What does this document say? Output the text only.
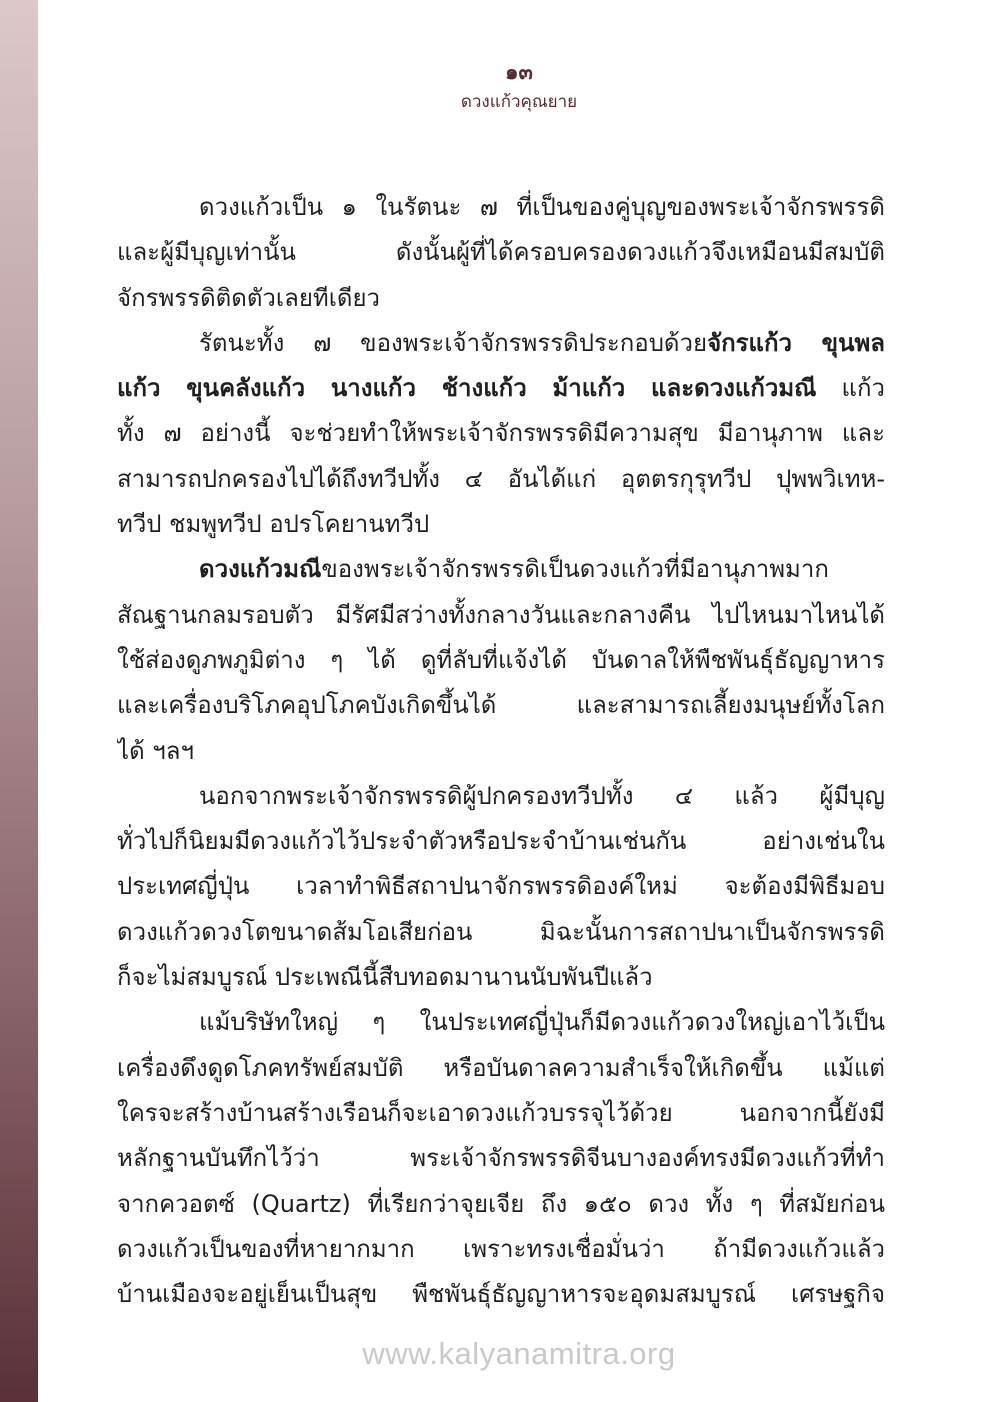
๑๓
ดวงแก้วคุณยาย
ดวงแก้วเป็น ๑ ในรัตนะ ๗ ที่เป็นของคู่บุญของพระเจ้าจักรพรรดิ
และผู้มีบุญเท่านั้น ดังนั้นผู้ที่ได้ครอบครองดวงแก้วจึงเหมือนมีสมบัติ
จักรพรรดิติดตัวเลยทีเดียว
รัตนะทั้ง ๗ ของพระเจ้าจักรพรรดิประกอบด้วยจักรแก้ว ขุนพล
แก้ว ขุนคลังแก้ว นางแก้ว ช้างแก้ว ม้าแก้ว และดวงแก้วมณี แก้ว
ทั้ง ๗ อย่างนี้ จะช่วยทำให้พระเจ้าจักรพรรดิมีความสุข มีอานุภาพ และ
สามารถปกครองไปได้ถึงทวีปทั้ง ๔ อันได้แก่ อุตตรกุรุทวีป ปุพพวิเทห-
ทวีป ชมพูทวีป อปรโคยานทวีป
ดวงแก้วมณีของพระเจ้าจักรพรรดิเป็นดวงแก้วที่มีอานุภาพมาก
สัณฐานกลมรอบตัว มีรัศมีสว่างทั้งกลางวันและกลางคืน ไปไหนมาไหนได้
ใช้ส่องดูภพภูมิต่าง ๆ ได้ ดูที่ลับที่แจ้งได้ บันดาลให้พืชพันธุ์ธัญญาหาร
และเครื่องบริโภคอุปโภคบังเกิดขึ้นได้ และสามารถเลี้ยงมนุษย์ทั้งโลก
ได้ ฯลฯ
นอกจากพระเจ้าจักรพรรดิผู้ปกครองทวีปทั้ง ๔ แล้ว ผู้มีบุญ
ทั่วไปก็นิยมมีดวงแก้วไว้ประจำตัวหรือประจำบ้านเช่นกัน อย่างเช่นใน
ประเทศญี่ปุ่น เวลาทำพิธีสถาปนาจักรพรรดิองค์ใหม่ จะต้องมีพิธีมอบ
ดวงแก้วดวงโตขนาดส้มโอเสียก่อน มิฉะนั้นการสถาปนาเป็นจักรพรรดิ
ก็จะไม่สมบูรณ์ ประเพณีนี้สืบทอดมานานนับพันปีแล้ว
แม้บริษัทใหญ่ ๆ ในประเทศญี่ปุ่นก็มีดวงแก้วดวงใหญ่เอาไว้เป็น
เครื่องดึงดูดโภคทรัพย์สมบัติ หรือบันดาลความสำเร็จให้เกิดขึ้น แม้แต่
ใครจะสร้างบ้านสร้างเรือนก็จะเอาดวงแก้วบรรจุไว้ด้วย นอกจากนี้ยังมี
หลักฐานบันทึกไว้ว่า พระเจ้าจักรพรรดิจีนบางองค์ทรงมีดวงแก้วที่ทำ
จากควอตซ์ (Quartz) ที่เรียกว่าจุยเจีย ถึง ๑๕๐ ดวง ทั้ง ๆ ที่สมัยก่อน
ดวงแก้วเป็นของที่หายากมาก เพราะทรงเชื่อมั่นว่า ถ้ามีดวงแก้วแล้ว
บ้านเมืองจะอยู่เย็นเป็นสุข พืชพันธุ์ธัญญาหารจะอุดมสมบูรณ์ เศรษฐกิจ
www.kalyanamitra.org
